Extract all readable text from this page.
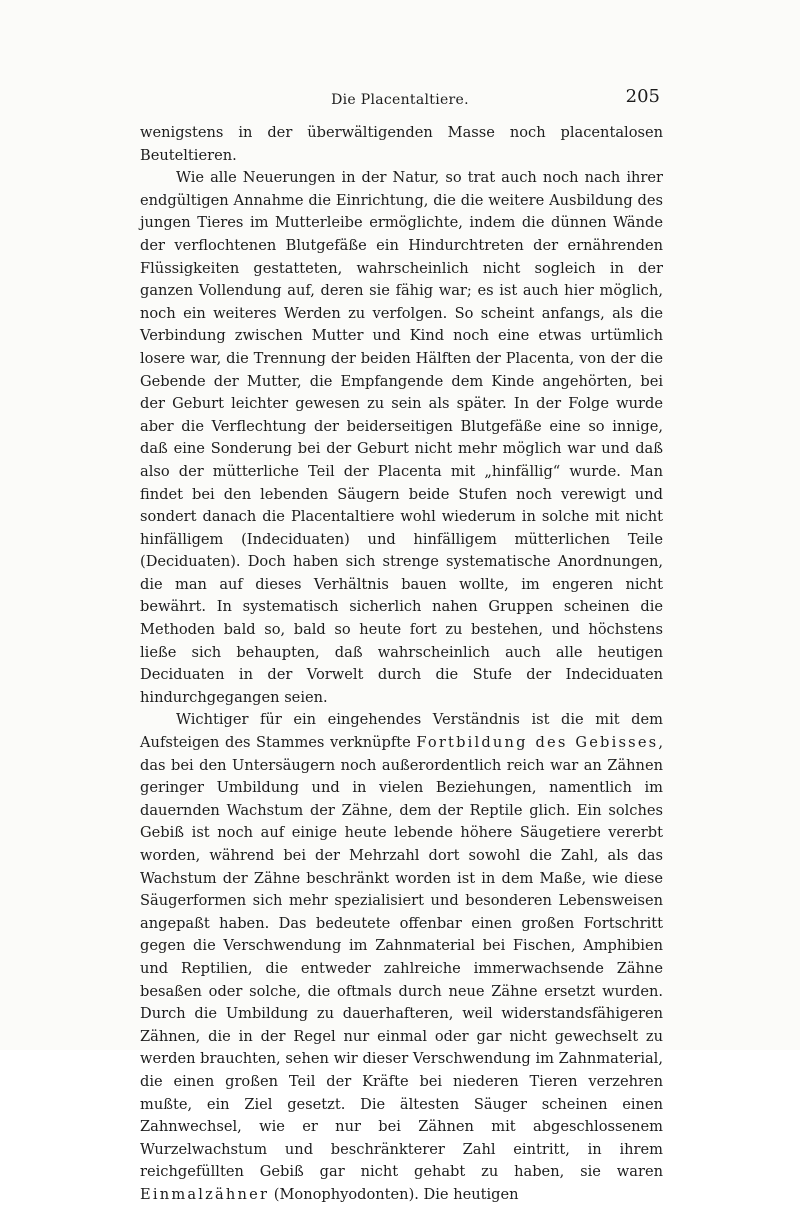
Die Placentaltiere.	205

wenigstens in der überwältigenden Masse noch placentalosen Beuteltieren.

Wie alle Neuerungen in der Natur, so trat auch noch nach ihrer endgültigen Annahme die Einrichtung, die die weitere Ausbildung des jungen Tieres im Mutterleibe ermöglichte, indem die dünnen Wände der verflochtenen Blutgefäße ein Hindurchtreten der ernährenden Flüssigkeiten gestatteten, wahrscheinlich nicht sogleich in der ganzen Vollendung auf, deren sie fähig war; es ist auch hier möglich, noch ein weiteres Werden zu verfolgen. So scheint anfangs, als die Verbindung zwischen Mutter und Kind noch eine etwas urtümlich losere war, die Trennung der beiden Hälften der Placenta, von der die Gebende der Mutter, die Empfangende dem Kinde angehörten, bei der Geburt leichter gewesen zu sein als später. In der Folge wurde aber die Verflechtung der beiderseitigen Blutgefäße eine so innige, daß eine Sonderung bei der Geburt nicht mehr möglich war und daß also der mütterliche Teil der Placenta mit „hinfällig“ wurde. Man findet bei den lebenden Säugern beide Stufen noch verewigt und sondert danach die Placentaltiere wohl wiederum in solche mit nicht hinfälligem (Indeciduaten) und hinfälligem mütterlichen Teile (Deciduaten). Doch haben sich strenge systematische Anordnungen, die man auf dieses Verhältnis bauen wollte, im engeren nicht bewährt. In systematisch sicherlich nahen Gruppen scheinen die Methoden bald so, bald so heute fort zu bestehen, und höchstens ließe sich behaupten, daß wahrscheinlich auch alle heutigen Deciduaten in der Vorwelt durch die Stufe der Indeciduaten hindurchgegangen seien.

Wichtiger für ein eingehendes Verständnis ist die mit dem Aufsteigen des Stammes verknüpfte Fortbildung des Gebisses, das bei den Untersäugern noch außerordentlich reich war an Zähnen geringer Umbildung und in vielen Beziehungen, namentlich im dauernden Wachstum der Zähne, dem der Reptile glich. Ein solches Gebiß ist noch auf einige heute lebende höhere Säugetiere vererbt worden, während bei der Mehrzahl dort sowohl die Zahl, als das Wachstum der Zähne beschränkt worden ist in dem Maße, wie diese Säugerformen sich mehr spezialisiert und besonderen Lebensweisen angepaßt haben. Das bedeutete offenbar einen großen Fortschritt gegen die Verschwendung im Zahnmaterial bei Fischen, Amphibien und Reptilien, die entweder zahlreiche immerwachsende Zähne besaßen oder solche, die oftmals durch neue Zähne ersetzt wurden. Durch die Umbildung zu dauerhafteren, weil widerstandsfähigeren Zähnen, die in der Regel nur einmal oder gar nicht gewechselt zu werden brauchten, sehen wir dieser Verschwendung im Zahnmaterial, die einen großen Teil der Kräfte bei niederen Tieren verzehren mußte, ein Ziel gesetzt. Die ältesten Säuger scheinen einen Zahnwechsel, wie er nur bei Zähnen mit abgeschlossenem Wurzelwachstum und beschränkterer Zahl eintritt, in ihrem reichgefüllten Gebiß gar nicht gehabt zu haben, sie waren Einmalzähner (Monophyodonten). Die heutigen
